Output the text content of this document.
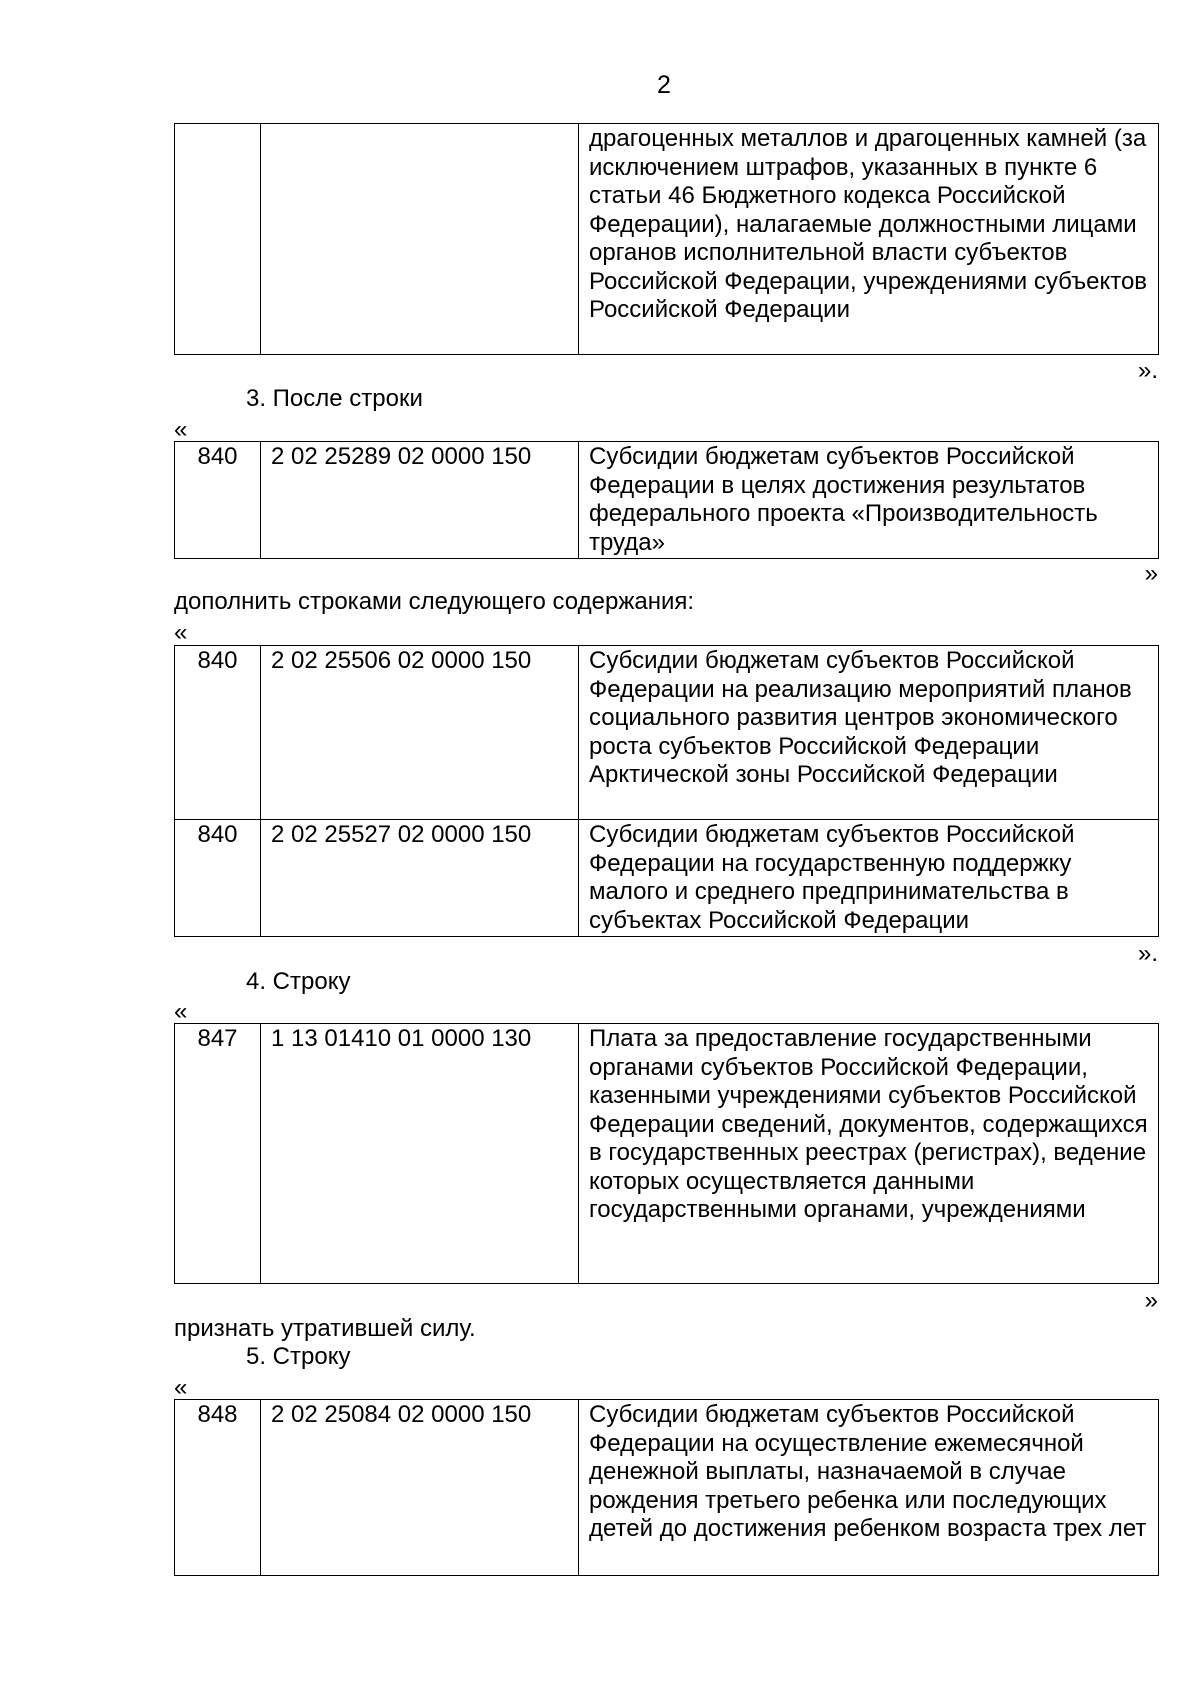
2
		драгоценных металлов и драгоценных камней (за исключением штрафов, указанных в пункте 6 статьи 46 Бюджетного кодекса Российской Федерации), налагаемые должностными лицами органов исполнительной власти субъектов Российской Федерации, учреждениями субъектов Российской Федерации
».
3. После строки
«
840	2 02 25289 02 0000 150	Субсидии бюджетам субъектов Российской Федерации в целях достижения результатов федерального проекта «Производительность труда»
»
дополнить строками следующего содержания:
«
840	2 02 25506 02 0000 150	Субсидии бюджетам субъектов Российской Федерации на реализацию мероприятий планов социального развития центров экономического роста субъектов Российской Федерации Арктической зоны Российской Федерации
840	2 02 25527 02 0000 150	Субсидии бюджетам субъектов Российской Федерации на государственную поддержку малого и среднего предпринимательства в субъектах Российской Федерации
».
4. Строку
«
847	1 13 01410 01 0000 130	Плата за предоставление государственными органами субъектов Российской Федерации, казенными учреждениями субъектов Российской Федерации сведений, документов, содержащихся в государственных реестрах (регистрах), ведение которых осуществляется данными государственными органами, учреждениями
»
признать утратившей силу.
5. Строку
«
848	2 02 25084 02 0000 150	Субсидии бюджетам субъектов Российской Федерации на осуществление ежемесячной денежной выплаты, назначаемой в случае рождения третьего ребенка или последующих детей до достижения ребенком возраста трех лет
